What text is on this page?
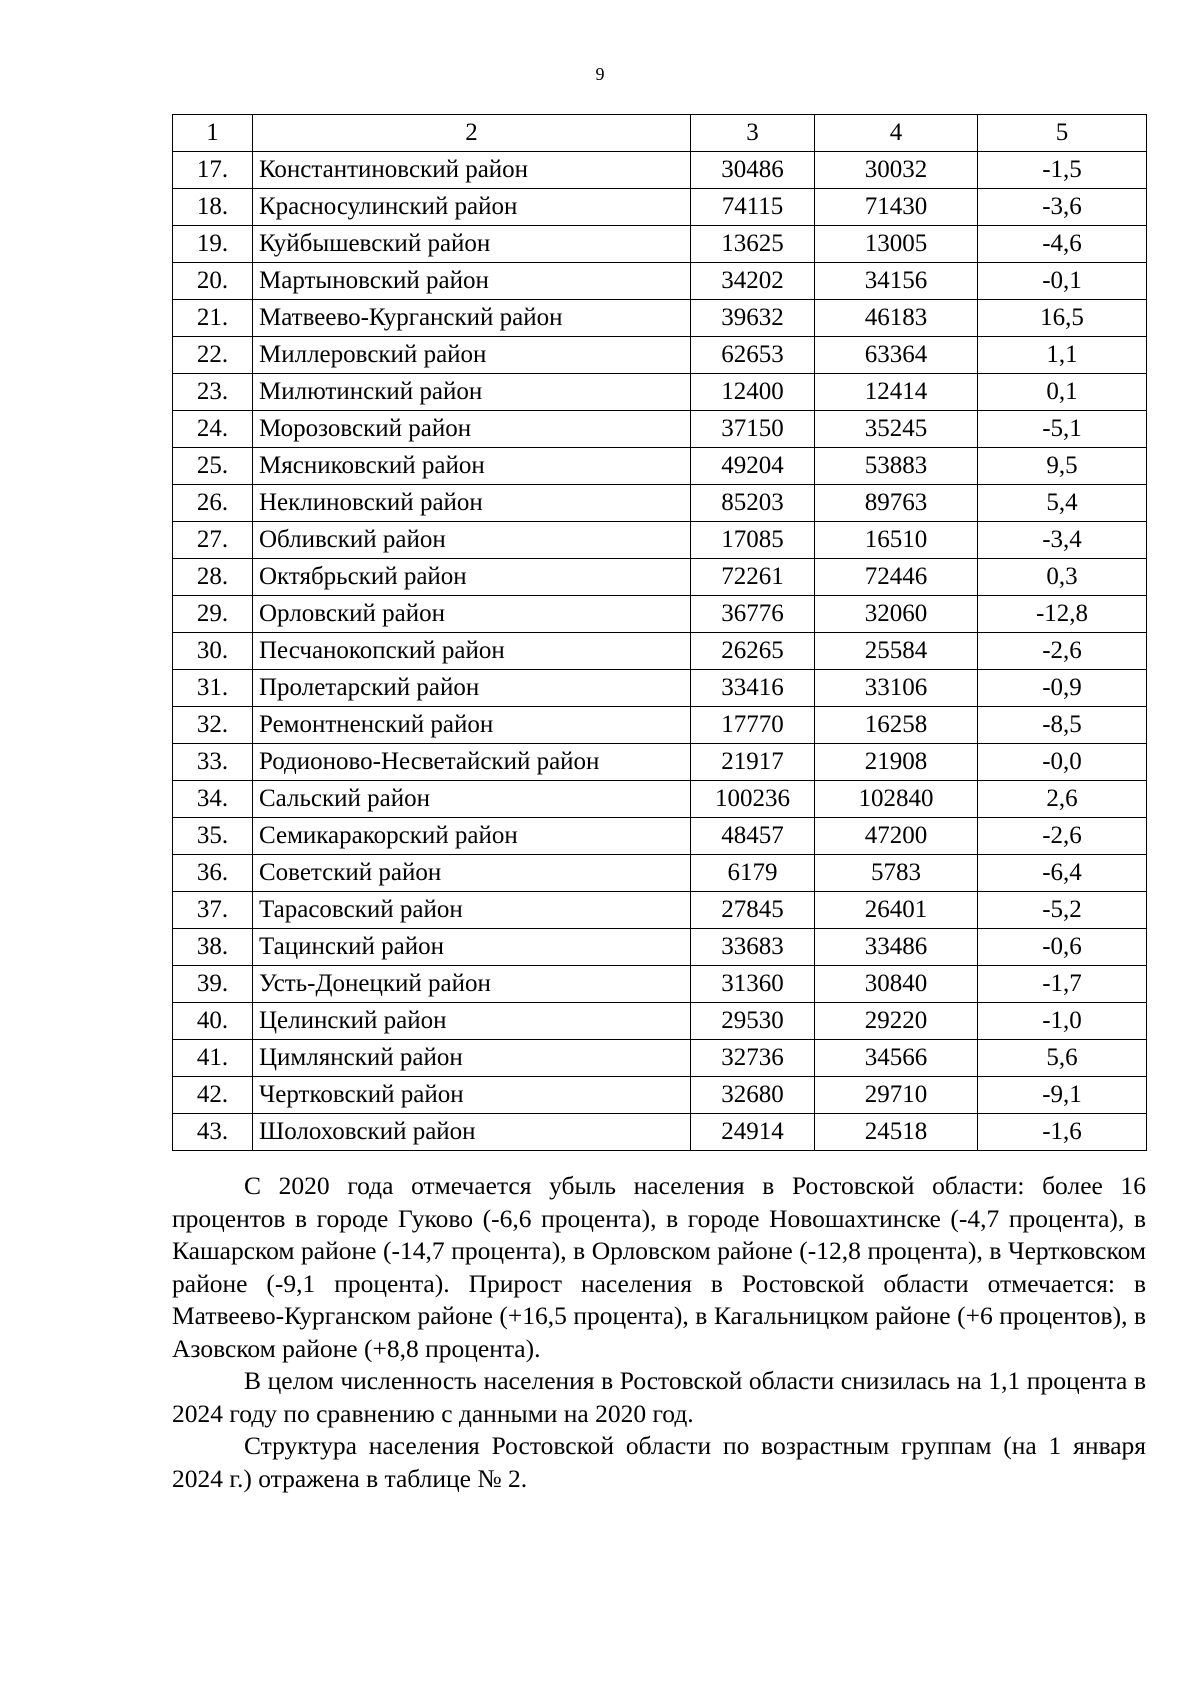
9
1	2	3	4	5
17.	Константиновский район	30486	30032	-1,5
18.	Красносулинский район	74115	71430	-3,6
19.	Куйбышевский район	13625	13005	-4,6
20.	Мартыновский район	34202	34156	-0,1
21.	Матвеево-Курганский район	39632	46183	16,5
22.	Миллеровский район	62653	63364	1,1
23.	Милютинский район	12400	12414	0,1
24.	Морозовский район	37150	35245	-5,1
25.	Мясниковский район	49204	53883	9,5
26.	Неклиновский район	85203	89763	5,4
27.	Обливский район	17085	16510	-3,4
28.	Октябрьский район	72261	72446	0,3
29.	Орловский район	36776	32060	-12,8
30.	Песчанокопский район	26265	25584	-2,6
31.	Пролетарский район	33416	33106	-0,9
32.	Ремонтненский район	17770	16258	-8,5
33.	Родионово-Несветайский район	21917	21908	-0,0
34.	Сальский район	100236	102840	2,6
35.	Семикаракорский район	48457	47200	-2,6
36.	Советский район	6179	5783	-6,4
37.	Тарасовский район	27845	26401	-5,2
38.	Тацинский район	33683	33486	-0,6
39.	Усть-Донецкий район	31360	30840	-1,7
40.	Целинский район	29530	29220	-1,0
41.	Цимлянский район	32736	34566	5,6
42.	Чертковский район	32680	29710	-9,1
43.	Шолоховский район	24914	24518	-1,6

С 2020 года отмечается убыль населения в Ростовской области: более 16 процентов в городе Гуково (-6,6 процента), в городе Новошахтинске (-4,7 процента), в Кашарском районе (-14,7 процента), в Орловском районе (-12,8 процента), в Чертковском районе (-9,1 процента). Прирост населения в Ростовской области отмечается: в Матвеево-Курганском районе (+16,5 процента), в Кагальницком районе (+6 процентов), в Азовском районе (+8,8 процента).

В целом численность населения в Ростовской области снизилась на 1,1 процента в 2024 году по сравнению с данными на 2020 год.

Структура населения Ростовской области по возрастным группам (на 1 января 2024 г.) отражена в таблице № 2.
